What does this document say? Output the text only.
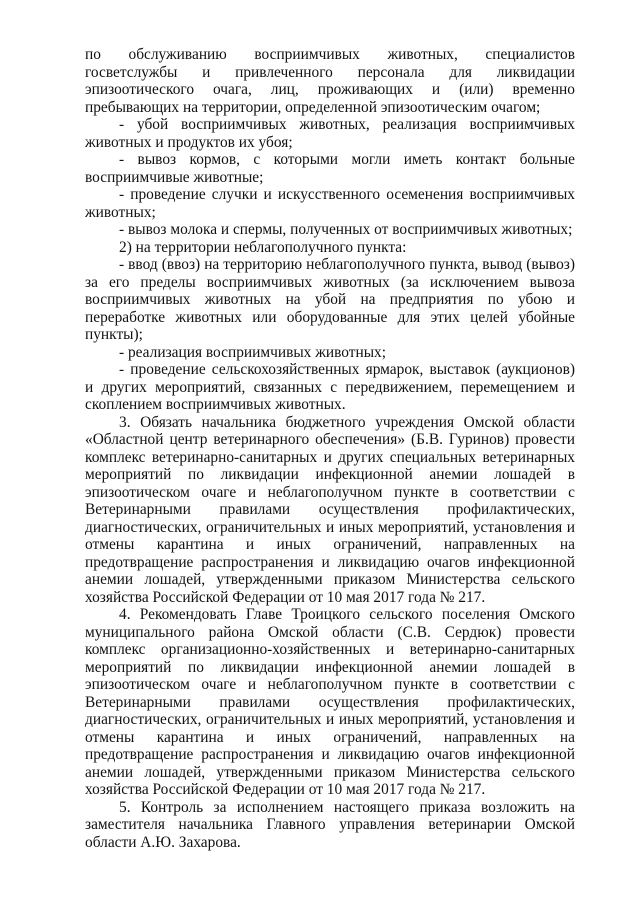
по обслуживанию восприимчивых животных, специалистов госветслужбы и привлеченного персонала для ликвидации эпизоотического очага, лиц, проживающих и (или) временно пребывающих на территории, определенной эпизоотическим очагом;

- убой восприимчивых животных, реализация восприимчивых животных и продуктов их убоя;

- вывоз кормов, с которыми могли иметь контакт больные восприимчивые животные;

- проведение случки и искусственного осеменения восприимчивых животных;

- вывоз молока и спермы, полученных от восприимчивых животных;

2) на территории неблагополучного пункта:

- ввод (ввоз) на территорию неблагополучного пункта, вывод (вывоз) за его пределы восприимчивых животных (за исключением вывоза восприимчивых животных на убой на предприятия по убою и переработке животных или оборудованные для этих целей убойные пункты);

- реализация восприимчивых животных;

- проведение сельскохозяйственных ярмарок, выставок (аукционов) и других мероприятий, связанных с передвижением, перемещением и скоплением восприимчивых животных.

3. Обязать начальника бюджетного учреждения Омской области «Областной центр ветеринарного обеспечения» (Б.В. Гуринов) провести комплекс ветеринарно-санитарных и других специальных ветеринарных мероприятий по ликвидации инфекционной анемии лошадей в эпизоотическом очаге и неблагополучном пункте в соответствии с Ветеринарными правилами осуществления профилактических, диагностических, ограничительных и иных мероприятий, установления и отмены карантина и иных ограничений, направленных на предотвращение распространения и ликвидацию очагов инфекционной анемии лошадей, утвержденными приказом Министерства сельского хозяйства Российской Федерации от 10 мая 2017 года № 217.

4. Рекомендовать Главе Троицкого сельского поселения Омского муниципального района Омской области (С.В. Сердюк) провести комплекс организационно-хозяйственных и ветеринарно-санитарных мероприятий по ликвидации инфекционной анемии лошадей в эпизоотическом очаге и неблагополучном пункте в соответствии с Ветеринарными правилами осуществления профилактических, диагностических, ограничительных и иных мероприятий, установления и отмены карантина и иных ограничений, направленных на предотвращение распространения и ликвидацию очагов инфекционной анемии лошадей, утвержденными приказом Министерства сельского хозяйства Российской Федерации от 10 мая 2017 года № 217.

5. Контроль за исполнением настоящего приказа возложить на заместителя начальника Главного управления ветеринарии Омской области А.Ю. Захарова.
